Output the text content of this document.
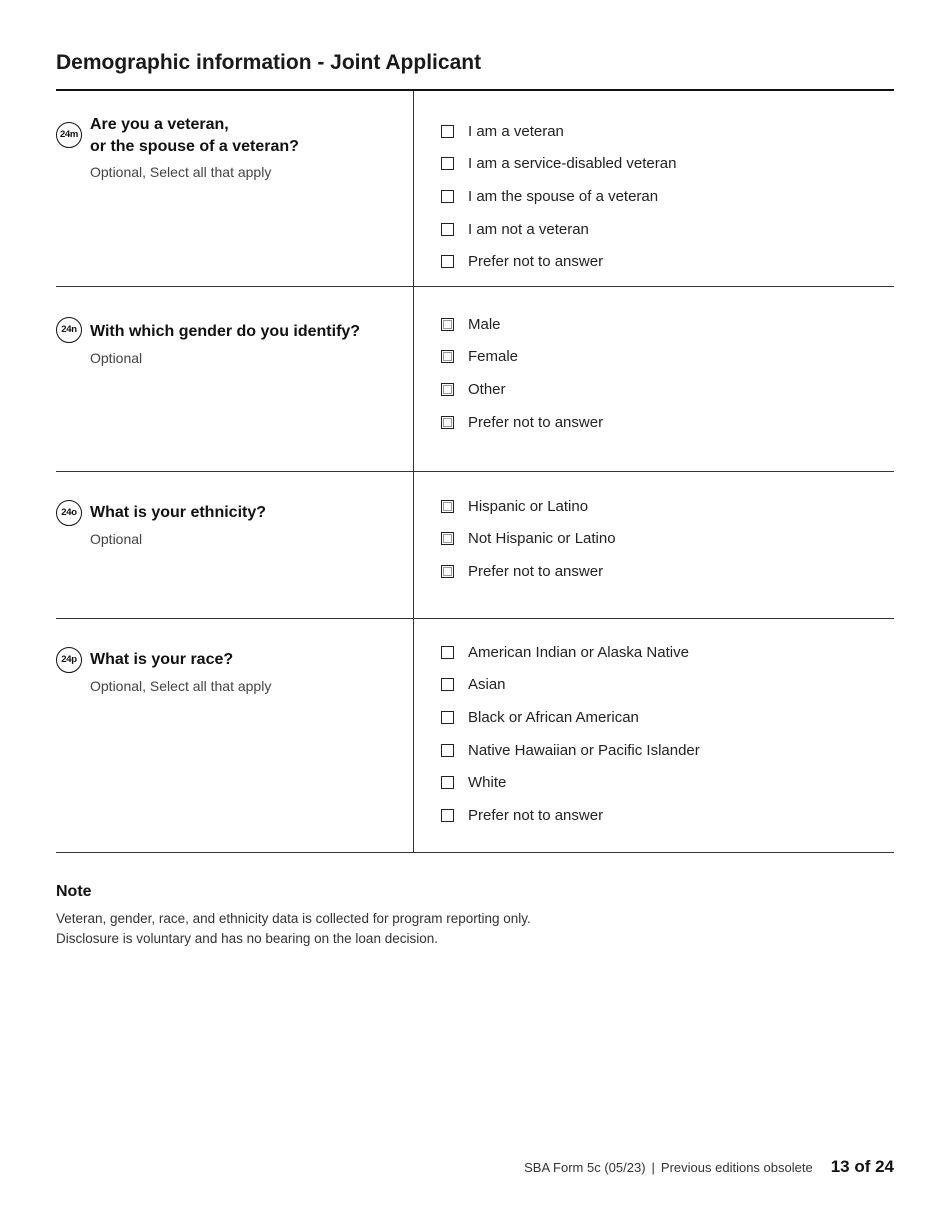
Demographic information - Joint Applicant
24m
Are you a veteran,
or the spouse of a veteran?
Optional, Select all that apply
I am a veteran
I am a service-disabled veteran
I am the spouse of a veteran
I am not a veteran
Prefer not to answer
24n With which gender do you identify?
Optional
Male
Female
Other
Prefer not to answer
24o What is your ethnicity?
Optional
Hispanic or Latino
Not Hispanic or Latino
Prefer not to answer
24p What is your race?
Optional, Select all that apply
American Indian or Alaska Native
Asian
Black or African American
Native Hawaiian or Pacific Islander
White
Prefer not to answer
Note
Veteran, gender, race, and ethnicity data is collected for program reporting only.
Disclosure is voluntary and has no bearing on the loan decision.
SBA Form 5c (05/23) | Previous editions obsolete 13 of 24
